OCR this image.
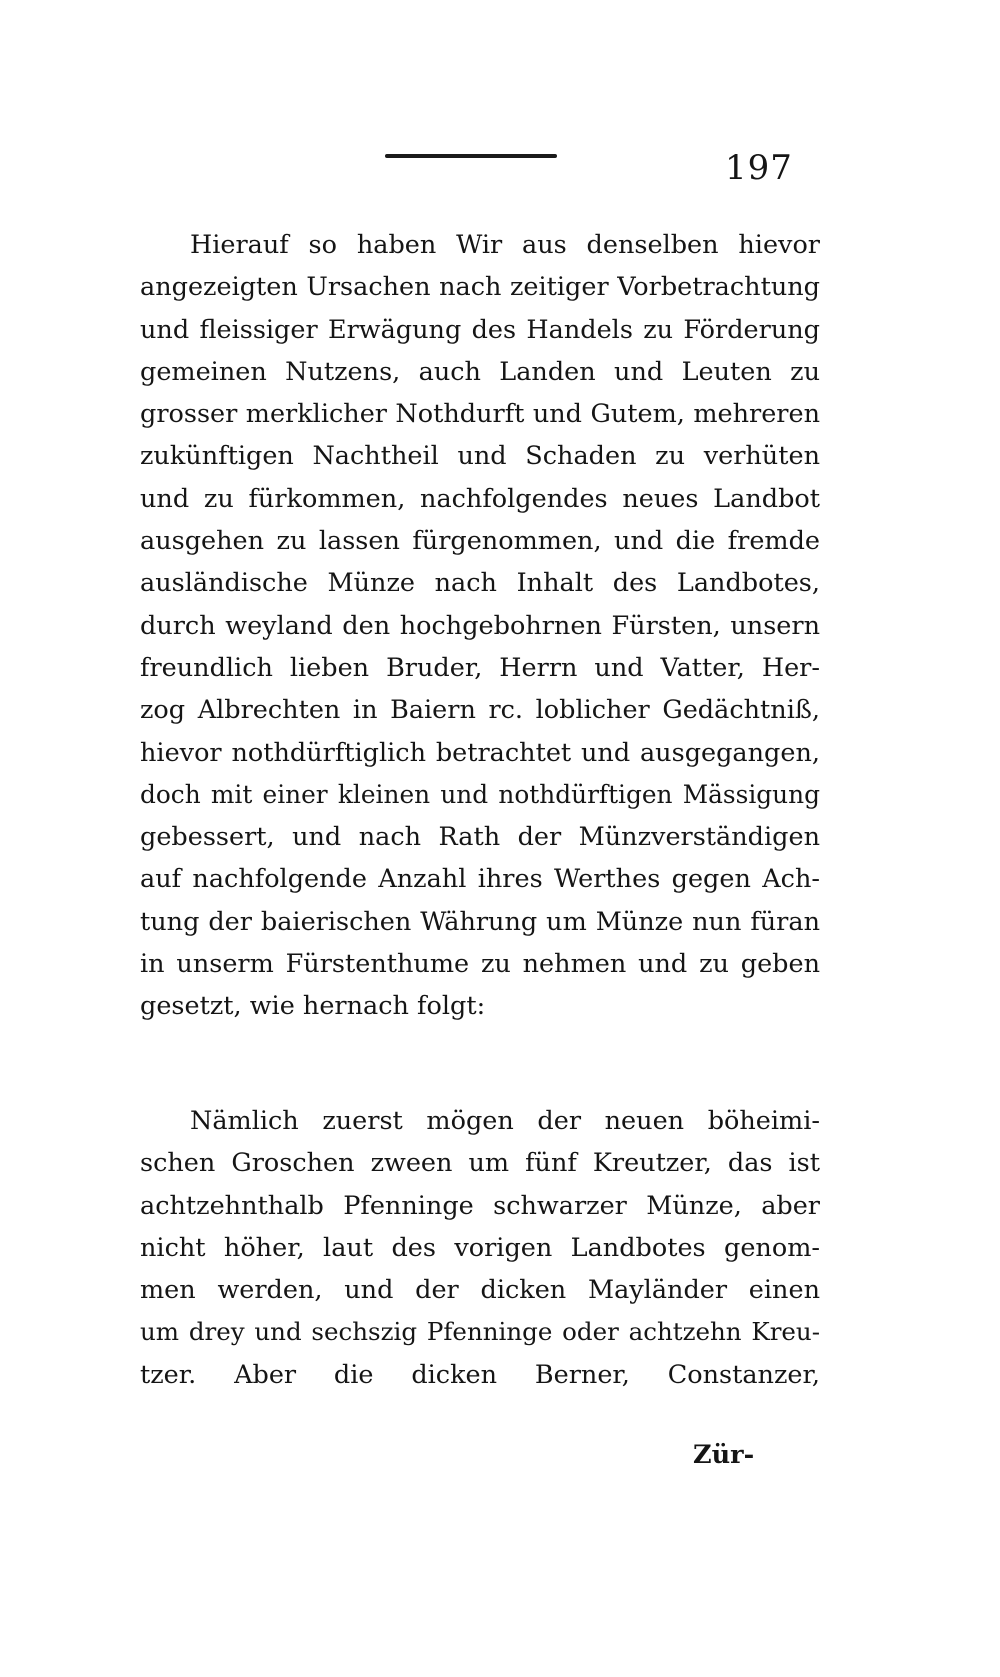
197
Hierauf so haben Wir aus denselben hievor
angezeigten Ursachen nach zeitiger Vorbetrachtung
und fleissiger Erwägung des Handels zu Förderung
gemeinen Nutzens, auch Landen und Leuten zu
grosser merklicher Nothdurft und Gutem, mehreren
zukünftigen Nachtheil und Schaden zu verhüten
und zu fürkommen, nachfolgendes neues Landbot
ausgehen zu lassen fürgenommen, und die fremde
ausländische Münze nach Inhalt des Landbotes,
durch weyland den hochgebohrnen Fürsten, unsern
freundlich lieben Bruder, Herrn und Vatter, Her-
zog Albrechten in Baiern rc. loblicher Gedächtniß,
hievor nothdürftiglich betrachtet und ausgegangen,
doch mit einer kleinen und nothdürftigen Mässigung
gebessert, und nach Rath der Münzverständigen
auf nachfolgende Anzahl ihres Werthes gegen Ach-
tung der baierischen Währung um Münze nun füran
in unserm Fürstenthume zu nehmen und zu geben
gesetzt, wie hernach folgt:
Nämlich zuerst mögen der neuen böheimi-
schen Groschen zween um fünf Kreutzer, das ist
achtzehnthalb Pfenninge schwarzer Münze, aber
nicht höher, laut des vorigen Landbotes genom-
men werden, und der dicken Mayländer einen
um drey und sechszig Pfenninge oder achtzehn Kreu-
tzer. Aber die dicken Berner, Constanzer,
Zür-
